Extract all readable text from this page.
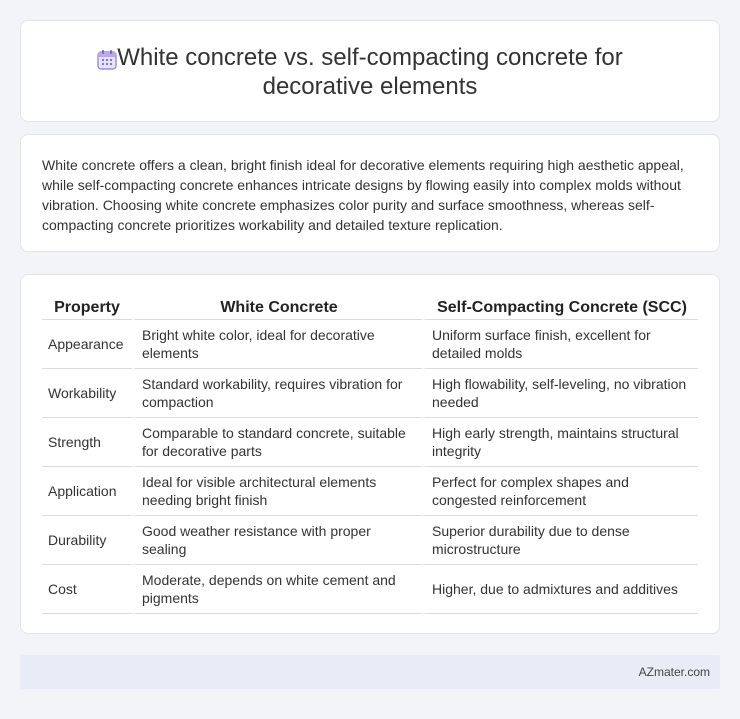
White concrete vs. self-compacting concrete for decorative elements

White concrete offers a clean, bright finish ideal for decorative elements requiring high aesthetic appeal, while self-compacting concrete enhances intricate designs by flowing easily into complex molds without vibration. Choosing white concrete emphasizes color purity and surface smoothness, whereas self-compacting concrete prioritizes workability and detailed texture replication.

Property	White Concrete	Self-Compacting Concrete (SCC)
Appearance	Bright white color, ideal for decorative elements	Uniform surface finish, excellent for detailed molds
Workability	Standard workability, requires vibration for compaction	High flowability, self-leveling, no vibration needed
Strength	Comparable to standard concrete, suitable for decorative parts	High early strength, maintains structural integrity
Application	Ideal for visible architectural elements needing bright finish	Perfect for complex shapes and congested reinforcement
Durability	Good weather resistance with proper sealing	Superior durability due to dense microstructure
Cost	Moderate, depends on white cement and pigments	Higher, due to admixtures and additives
AZmater.com
